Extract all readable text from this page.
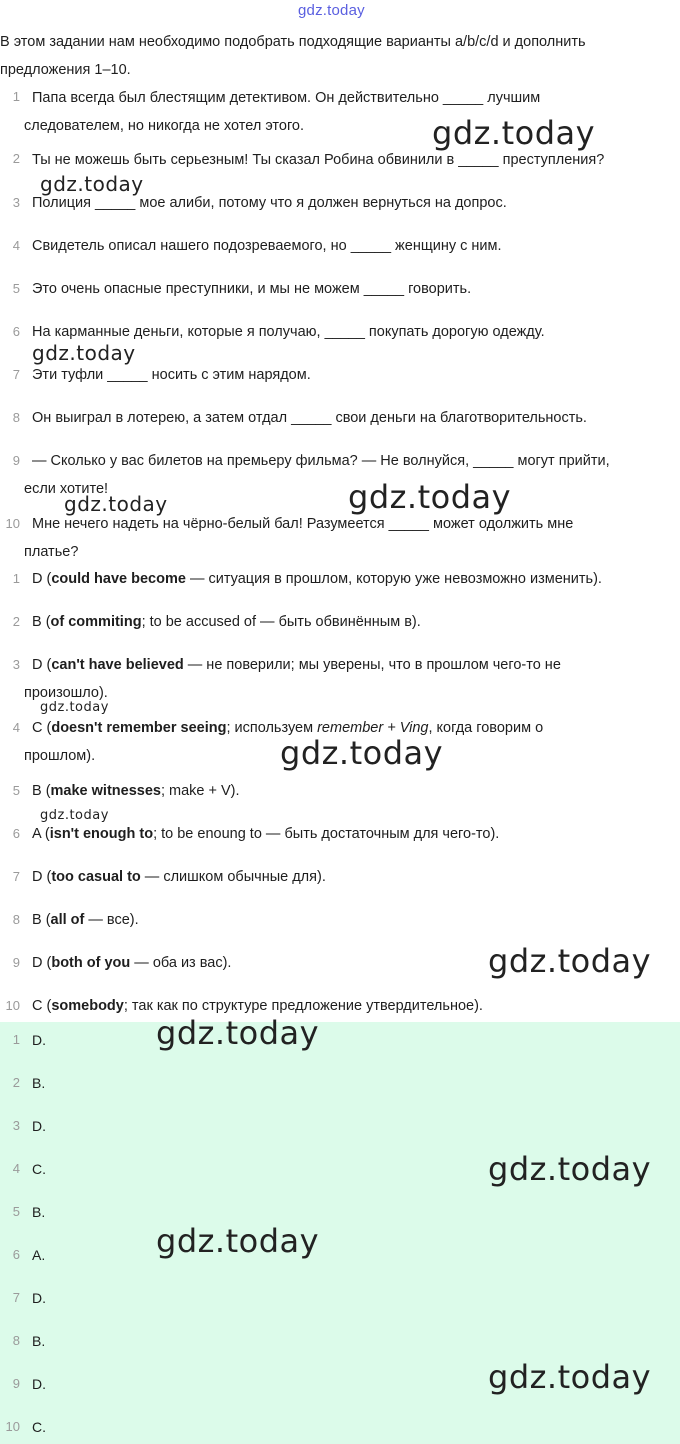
gdz.today
В этом задании нам необходимо подобрать подходящие варианты a/b/c/d и дополнить предложения 1–10.
1 Папа всегда был блестящим детективом. Он действительно _____ лучшим
следователем, но никогда не хотел этого.
2 Ты не можешь быть серьезным! Ты сказал Робина обвинили в _____ преступления?
3 Полиция _____ мое алиби, потому что я должен вернуться на допрос.
4 Свидетель описал нашего подозреваемого, но _____ женщину с ним.
5 Это очень опасные преступники, и мы не можем _____ говорить.
6 На карманные деньги, которые я получаю, _____ покупать дорогую одежду.
7 Эти туфли _____ носить с этим нарядом.
8 Он выиграл в лотерею, а затем отдал _____ свои деньги на благотворительность.
9 — Сколько у вас билетов на премьеру фильма? — Не волнуйся, _____ могут прийти,
если хотите!
10 Мне нечего надеть на чёрно-белый бал! Разумеется _____ может одолжить мне
платье?
1 D (could have become — ситуация в прошлом, которую уже невозможно изменить).
2 B (of commiting; to be accused of — быть обвинённым в).
3 D (can't have believed — не поверили; мы уверены, что в прошлом чего-то не
произошло).
4 C (doesn't remember seeing; используем remember + Ving, когда говорим о
прошлом).
5 B (make witnesses; make + V).
6 A (isn't enough to; to be enoung to — быть достаточным для чего-то).
7 D (too casual to — слишком обычные для).
8 B (all of — все).
9 D (both of you — оба из вас).
10 C (somebody; так как по структуре предложение утвердительное).
1 D.
2 B.
3 D.
4 C.
5 B.
6 A.
7 D.
8 B.
9 D.
10 C.
gdz.today
gdz.today
gdz.today
gdz.today	gdz.today
gdz.today
gdz.today
gdz.today
gdz.today
gdz.today
gdz.today
gdz.today
gdz.today
